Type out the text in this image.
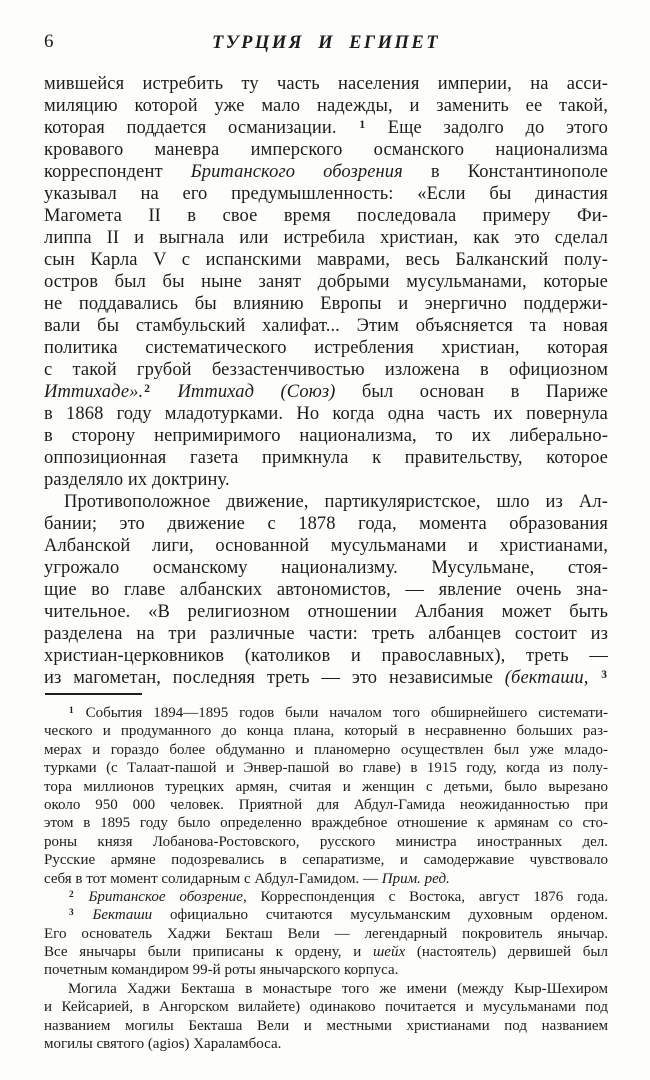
6	ТУРЦИЯ И ЕГИПЕТ
мившейся истребить ту часть населения империи, на асси-
миляцию которой уже мало надежды, и заменить ее такой,
которая поддается османизации. $^1$ Еще задолго до этого
кровавого маневра имперского османского национализма
корреспондент Британского обозрения в Константинополе
указывал на его предумышленность: «Если бы династия
Магомета II в свое время последовала примеру Фи-
липпа II и выгнала или истребила христиан, как это сделал
сын Карла V с испанскими маврами, весь Балканский полу-
остров был бы ныне занят добрыми мусульманами, которые
не поддавались бы влиянию Европы и энергично поддержи-
вали бы стамбульский халифат... Этим объясняется та новая
политика систематического истребления христиан, которая
с такой грубой беззастенчивостью изложена в официозном
Иттихаде».$^2$ Иттихад (Союз) был основан в Париже
в 1868 году младотурками. Но когда одна часть их повернула
в сторону непримиримого национализма, то их либерально-
оппозиционная газета примкнула к правительству, которое
разделяло их доктрину.
Противоположное движение, партикуляристское, шло из Ал-
бании; это движение с 1878 года, момента образования
Албанской лиги, основанной мусульманами и христианами,
угрожало османскому национализму. Мусульмане, стоя-
щие во главе албанских автономистов, — явление очень зна-
чительное. «В религиозном отношении Албания может быть
разделена на три различные части: треть албанцев состоит из
христиан-церковников (католиков и православных), треть —
из магометан, последняя треть — это независимые (бекташи, $^3$
$^1$ События 1894—1895 годов были началом того обширнейшего системати-
ческого и продуманного до конца плана, который в несравненно больших раз-
мерах и гораздо более обдуманно и планомерно осуществлен был уже младо-
турками (с Талаат-пашой и Энвер-пашой во главе) в 1915 году, когда из полу-
тора миллионов турецких армян, считая и женщин с детьми, было вырезано
около 950 000 человек. Приятной для Абдул-Гамида неожиданностью при
этом в 1895 году было определенно враждебное отношение к армянам со сто-
роны князя Лобанова-Ростовского, русского министра иностранных дел.
Русские армяне подозревались в сепаратизме, и самодержавие чувствовало
себя в тот момент солидарным с Абдул-Гамидом. — Прим. ред.
$^2$ Британское обозрение, Корреспонденция с Востока, август 1876 года.
$^3$ Бекташи официально считаются мусульманским духовным орденом.
Его основатель Хаджи Бекташ Вели — легендарный покровитель янычар.
Все янычары были приписаны к ордену, и шейх (настоятель) дервишей был
почетным командиром 99-й роты янычарского корпуса.
Могила Хаджи Бекташа в монастыре того же имени (между Кыр-Шехиром
и Кейсарией, в Ангорском вилайете) одинаково почитается и мусульманами под
названием могилы Бекташа Вели и местными христианами под названием
могилы святого (agios) Хараламбоса.
